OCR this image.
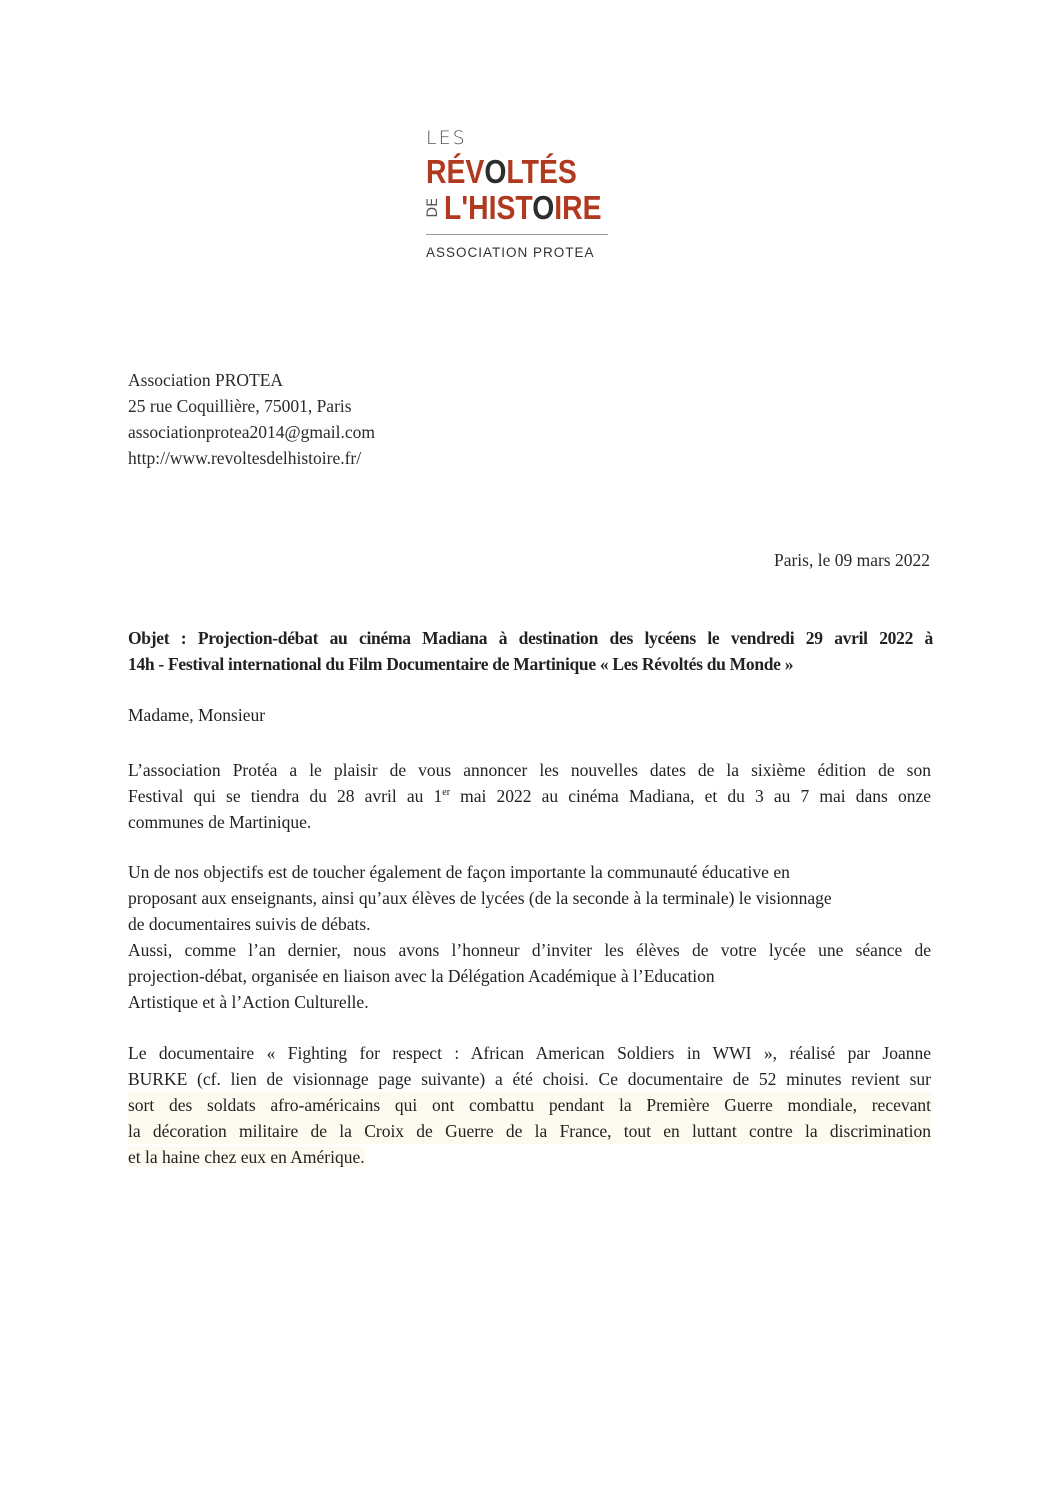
LES
RÉVOLTÉS
DE L'HISTOIRE
ASSOCIATION PROTEA
Association PROTEA
25 rue Coquillière, 75001, Paris
associationprotea2014@gmail.com
http://www.revoltesdelhistoire.fr/
Paris, le 09 mars 2022
Objet : Projection-débat au cinéma Madiana à destination des lycéens le vendredi 29 avril 2022 à
14h - Festival international du Film Documentaire de Martinique « Les Révoltés du Monde »
Madame, Monsieur
L’association Protéa a le plaisir de vous annoncer les nouvelles dates de la sixième édition de son
Festival qui se tiendra du 28 avril au 1er mai 2022 au cinéma Madiana, et du 3 au 7 mai dans onze
communes de Martinique.
Un de nos objectifs est de toucher également de façon importante la communauté éducative en
proposant aux enseignants, ainsi qu’aux élèves de lycées (de la seconde à la terminale) le visionnage
de documentaires suivis de débats.
Aussi, comme l’an dernier, nous avons l’honneur d’inviter les élèves de votre lycée une séance de
projection-débat, organisée en liaison avec la Délégation Académique à l’Education
Artistique et à l’Action Culturelle.
Le documentaire « Fighting for respect : African American Soldiers in WWI », réalisé par Joanne
BURKE (cf. lien de visionnage page suivante) a été choisi. Ce documentaire de 52 minutes revient sur
sort des soldats afro-américains qui ont combattu pendant la Première Guerre mondiale, recevant
la décoration militaire de la Croix de Guerre de la France, tout en luttant contre la discrimination
et la haine chez eux en Amérique.
